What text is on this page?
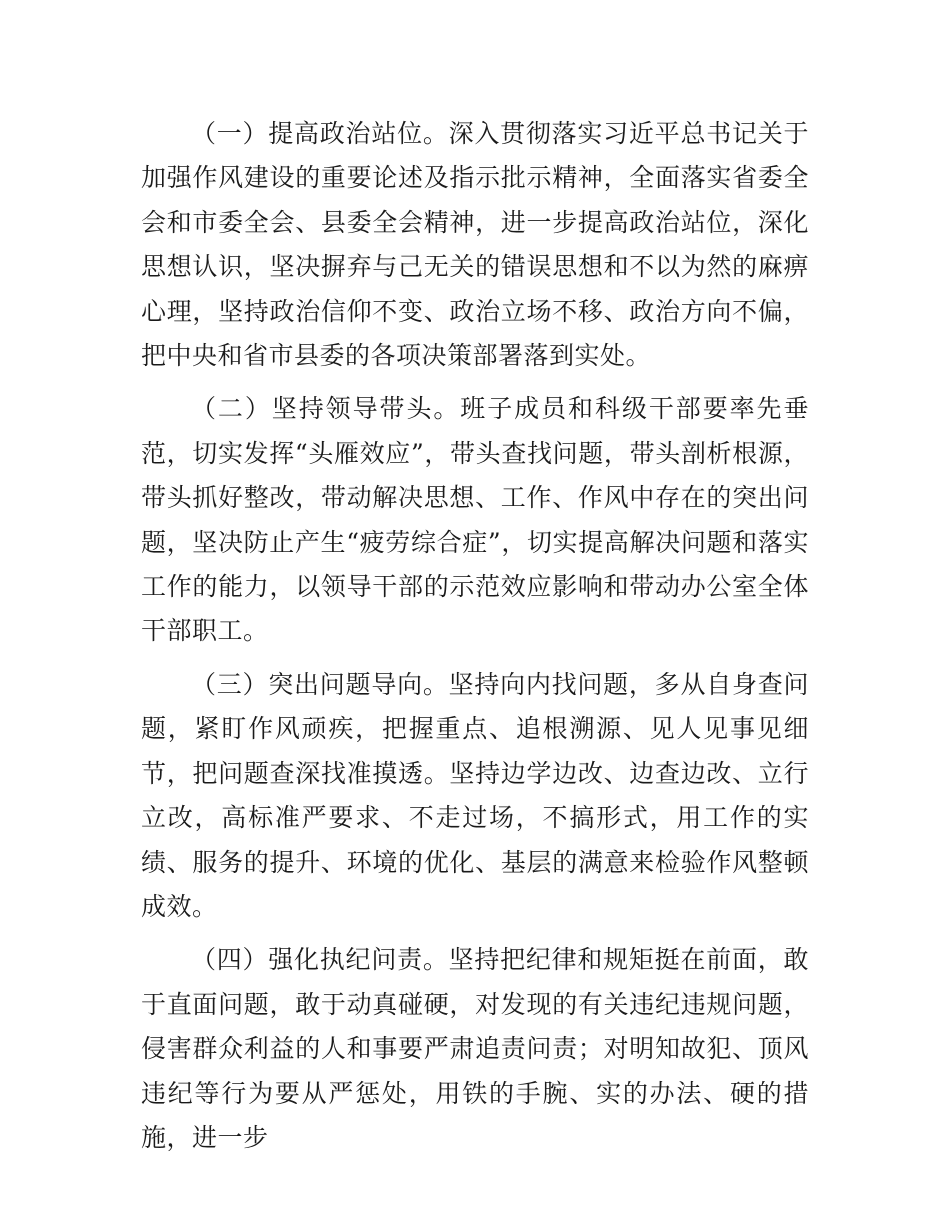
（一）提高政治站位。深入贯彻落实习近平总书记关于加强作风建设的重要论述及指示批示精神，全面落实省委全会和市委全会、县委全会精神，进一步提高政治站位，深化思想认识，坚决摒弃与己无关的错误思想和不以为然的麻痹心理，坚持政治信仰不变、政治立场不移、政治方向不偏，把中央和省市县委的各项决策部署落到实处。

（二）坚持领导带头。班子成员和科级干部要率先垂范，切实发挥“头雁效应”，带头查找问题，带头剖析根源，带头抓好整改，带动解决思想、工作、作风中存在的突出问题，坚决防止产生“疲劳综合症”，切实提高解决问题和落实工作的能力，以领导干部的示范效应影响和带动办公室全体干部职工。

（三）突出问题导向。坚持向内找问题，多从自身查问题，紧盯作风顽疾，把握重点、追根溯源、见人见事见细节，把问题查深找准摸透。坚持边学边改、边查边改、立行立改，高标准严要求、不走过场，不搞形式，用工作的实绩、服务的提升、环境的优化、基层的满意来检验作风整顿成效。

（四）强化执纪问责。坚持把纪律和规矩挺在前面，敢于直面问题，敢于动真碰硬，对发现的有关违纪违规问题，侵害群众利益的人和事要严肃追责问责；对明知故犯、顶风违纪等行为要从严惩处，用铁的手腕、实的办法、硬的措施，进一步
